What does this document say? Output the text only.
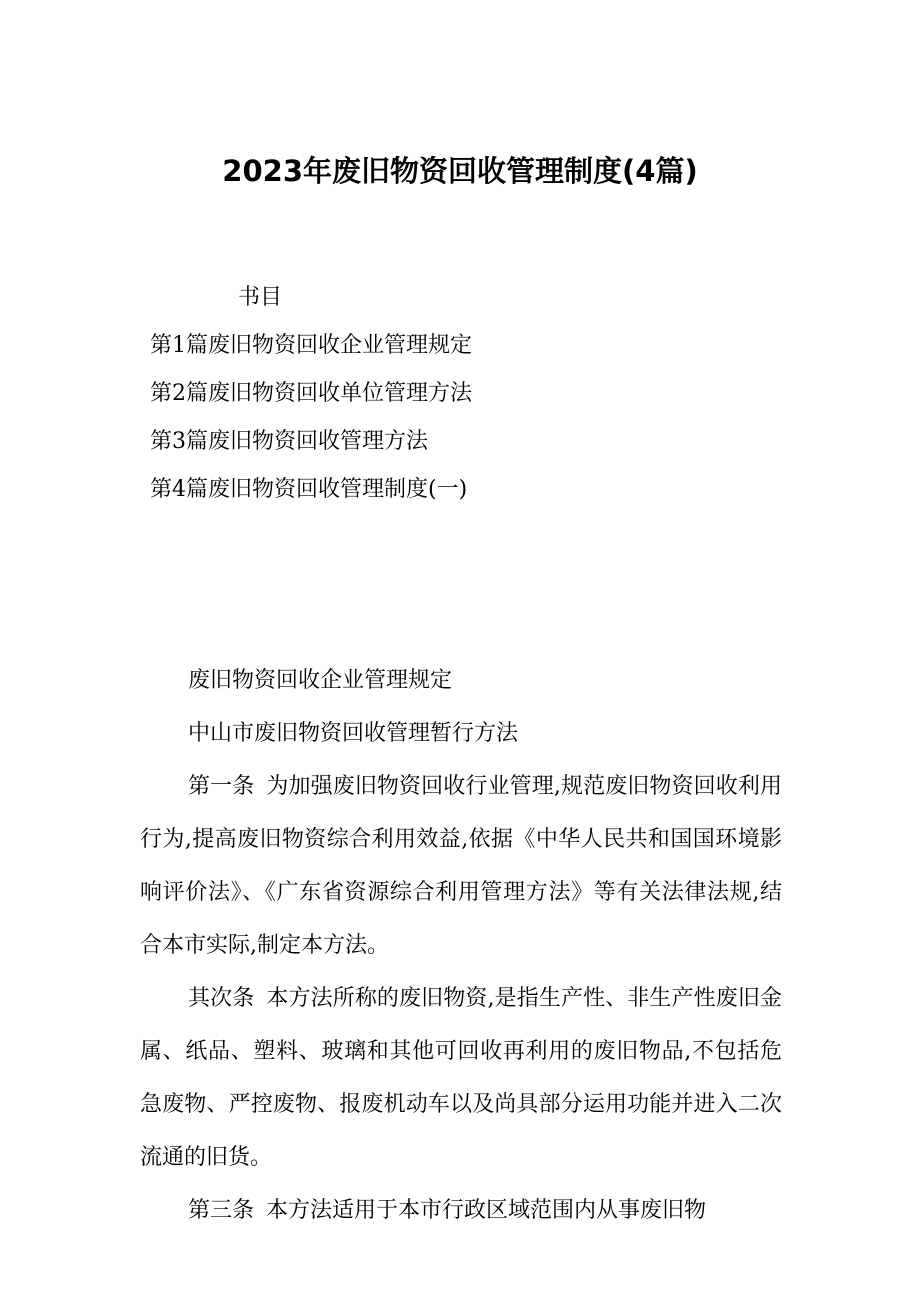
2023年废旧物资回收管理制度(4篇)
书目
第1篇废旧物资回收企业管理规定
第2篇废旧物资回收单位管理方法
第3篇废旧物资回收管理方法
第4篇废旧物资回收管理制度(一)

废旧物资回收企业管理规定

中山市废旧物资回收管理暂行方法

第一条 为加强废旧物资回收行业管理,规范废旧物资回收利用行为,提高废旧物资综合利用效益,依据《中华人民共和国国环境影响评价法》、《广东省资源综合利用管理方法》等有关法律法规,结合本市实际,制定本方法。

其次条 本方法所称的废旧物资,是指生产性、非生产性废旧金属、纸品、塑料、玻璃和其他可回收再利用的废旧物品,不包括危急废物、严控废物、报废机动车以及尚具部分运用功能并进入二次流通的旧货。

第三条 本方法适用于本市行政区域范围内从事废旧物
